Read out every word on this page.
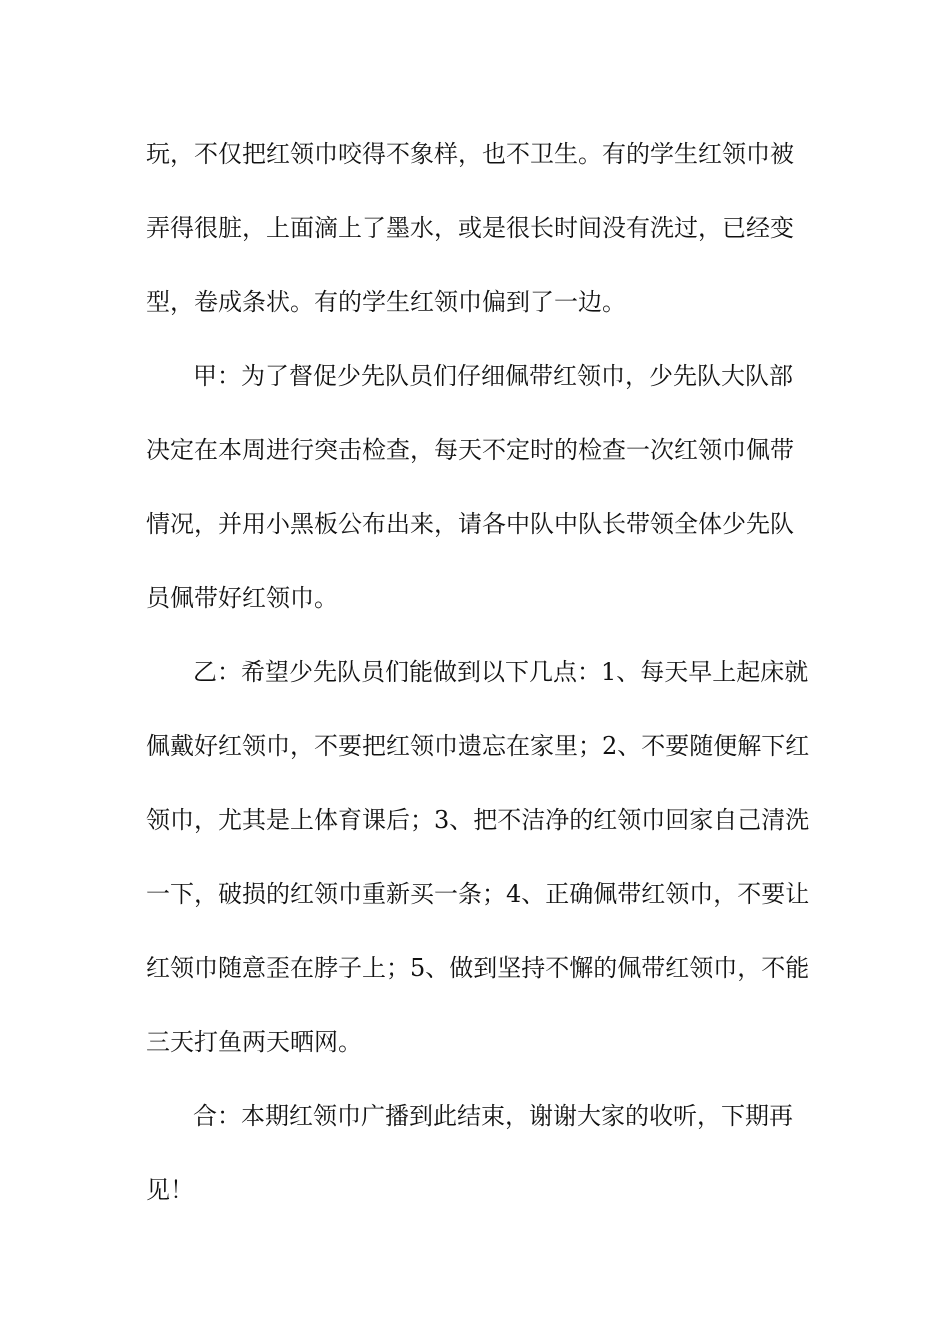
玩，不仅把红领巾咬得不象样，也不卫生。有的学生红领巾被
弄得很脏，上面滴上了墨水，或是很长时间没有洗过，已经变
型，卷成条状。有的学生红领巾偏到了一边。
甲：为了督促少先队员们仔细佩带红领巾，少先队大队部
决定在本周进行突击检查，每天不定时的检查一次红领巾佩带
情况，并用小黑板公布出来，请各中队中队长带领全体少先队
员佩带好红领巾。
乙：希望少先队员们能做到以下几点：1、每天早上起床就
佩戴好红领巾，不要把红领巾遗忘在家里；2、不要随便解下红
领巾，尤其是上体育课后；3、把不洁净的红领巾回家自己清洗
一下，破损的红领巾重新买一条；4、正确佩带红领巾，不要让
红领巾随意歪在脖子上；5、做到坚持不懈的佩带红领巾，不能
三天打鱼两天晒网。
合：本期红领巾广播到此结束，谢谢大家的收听，下期再
见！
